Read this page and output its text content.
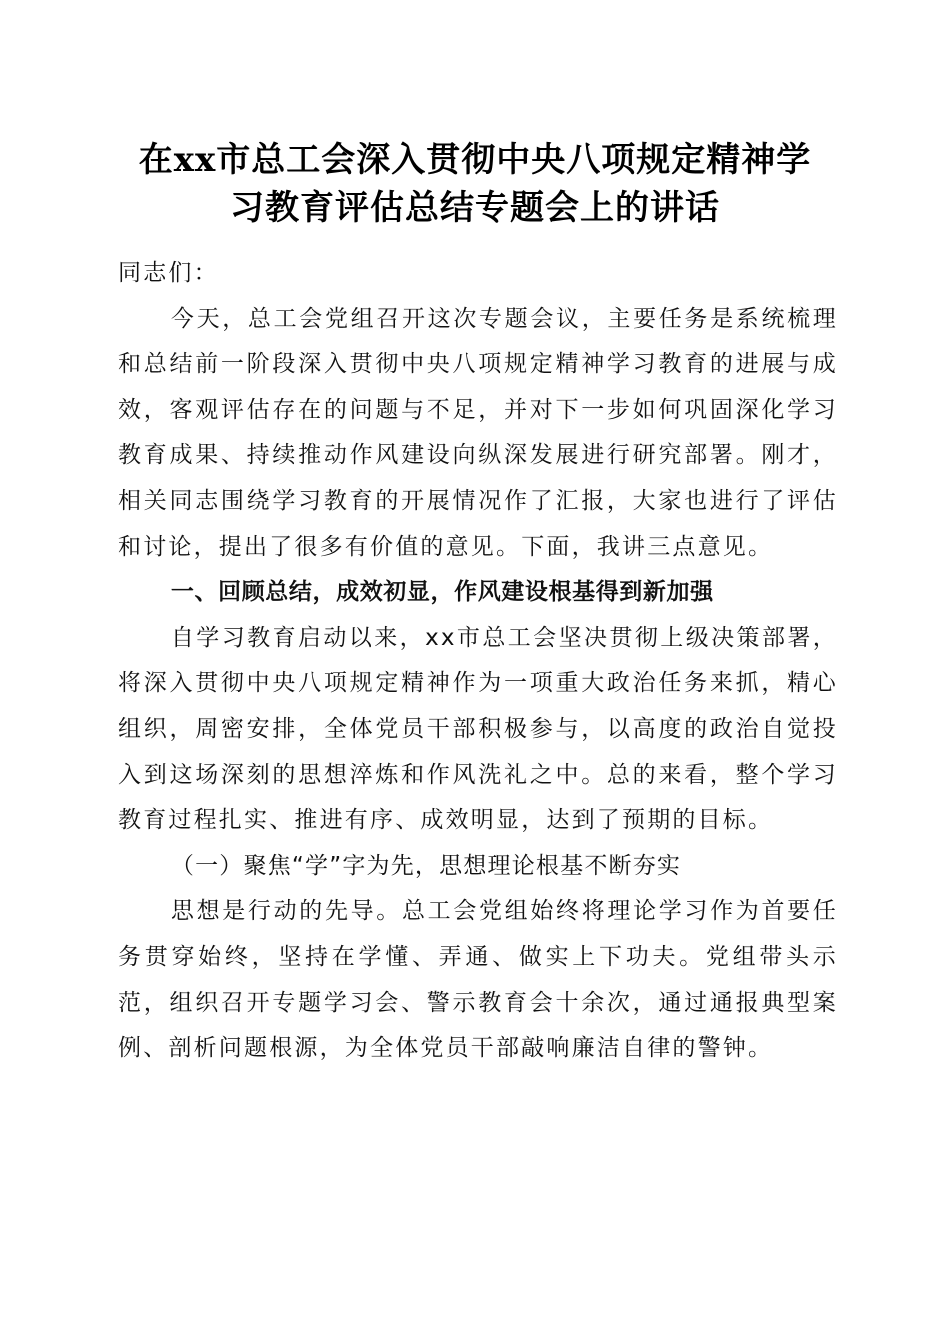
在xx市总工会深入贯彻中央八项规定精神学
习教育评估总结专题会上的讲话

同志们：

今天，总工会党组召开这次专题会议，主要任务是系统梳理和总结前一阶段深入贯彻中央八项规定精神学习教育的进展与成效，客观评估存在的问题与不足，并对下一步如何巩固深化学习教育成果、持续推动作风建设向纵深发展进行研究部署。刚才，相关同志围绕学习教育的开展情况作了汇报，大家也进行了评估和讨论，提出了很多有价值的意见。下面，我讲三点意见。

一、回顾总结，成效初显，作风建设根基得到新加强

自学习教育启动以来，xx市总工会坚决贯彻上级决策部署，将深入贯彻中央八项规定精神作为一项重大政治任务来抓，精心组织，周密安排，全体党员干部积极参与，以高度的政治自觉投入到这场深刻的思想淬炼和作风洗礼之中。总的来看，整个学习教育过程扎实、推进有序、成效明显，达到了预期的目标。

（一）聚焦“学”字为先，思想理论根基不断夯实

思想是行动的先导。总工会党组始终将理论学习作为首要任务贯穿始终，坚持在学懂、弄通、做实上下功夫。党组带头示范，组织召开专题学习会、警示教育会十余次，通过通报典型案例、剖析问题根源，为全体党员干部敲响廉洁自律的警钟。
